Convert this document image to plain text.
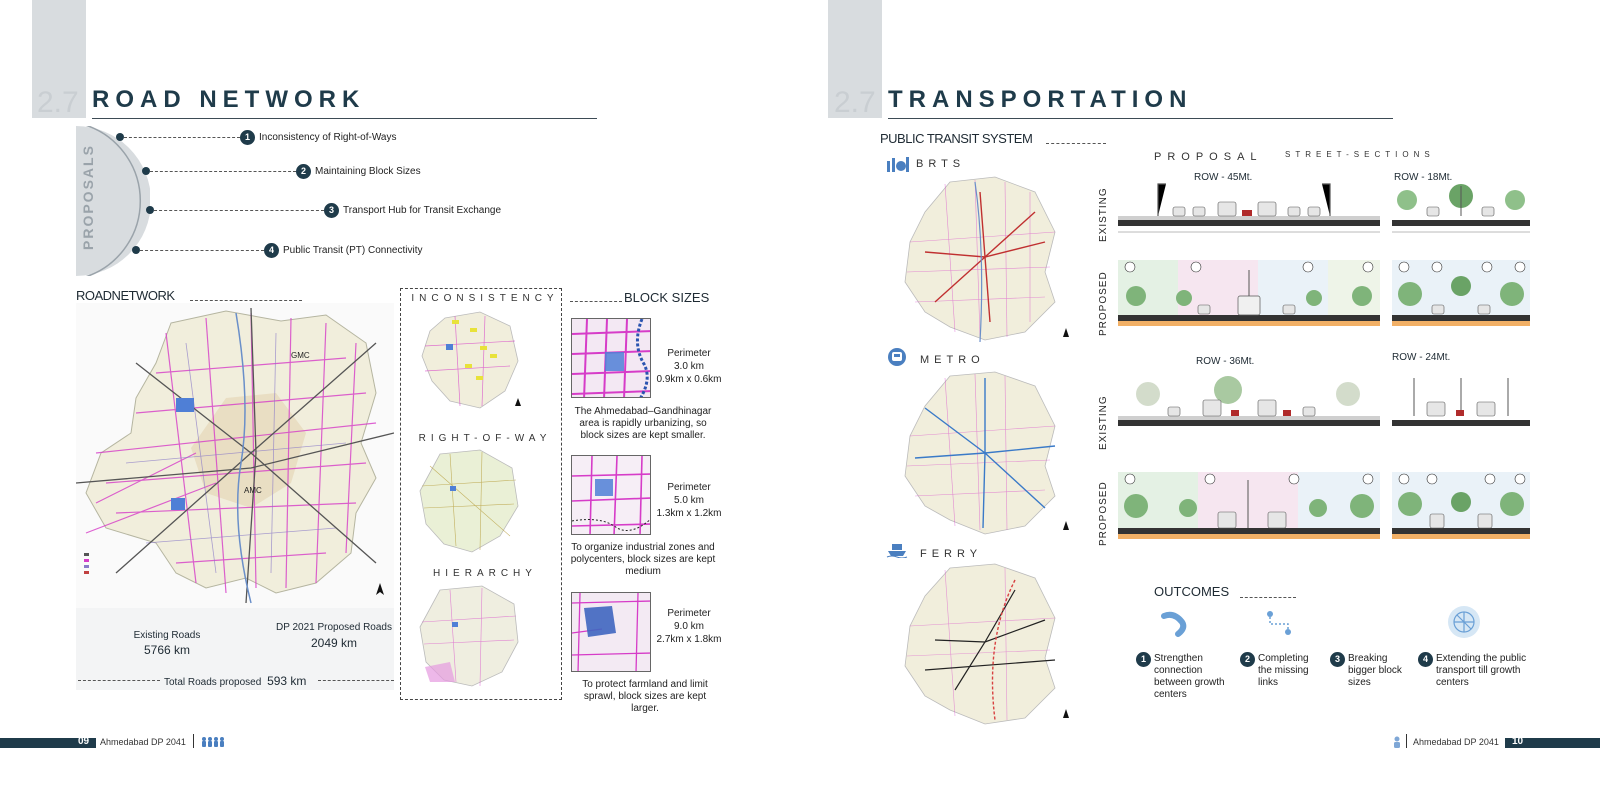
2.7 ROAD NETWORK
PROPOSALS
1 Inconsistency of Right-of-Ways
2 Maintaining Block Sizes
3 Transport Hub for Transit Exchange
4 Public Transit (PT) Connectivity
ROADNETWORK
GMC
AMC
Existing Roads
5766 km
DP 2021 Proposed Roads
2049 km
Total Roads proposed 593 km
INCONSISTENCY
RIGHT-OF-WAY
HIERARCHY
BLOCK SIZES
Perimeter
3.0 km
0.9km x 0.6km
The Ahmedabad–Gandhinagar area is rapidly urbanizing, so block sizes are kept smaller.
Perimeter
5.0 km
1.3km x 1.2km
To organize industrial zones and polycenters, block sizes are kept medium
Perimeter
9.0 km
2.7km x 1.8km
To protect farmland and limit sprawl, block sizes are kept larger.
09 Ahmedabad DP 2041
2.7 TRANSPORTATION
PUBLIC TRANSIT SYSTEM
BRTS
METRO
FERRY
PROPOSAL	STREET-SECTIONS
ROW - 45Mt.	ROW - 18Mt.
ROW - 36Mt.	ROW - 24Mt.
EXISTING
PROPOSED
EXISTING
PROPOSED
OUTCOMES
1 Strengthen connection between growth centers
2 Completing the missing links
3 Breaking bigger block sizes
4 Extending the public transport till growth centers
Ahmedabad DP 2041 10
